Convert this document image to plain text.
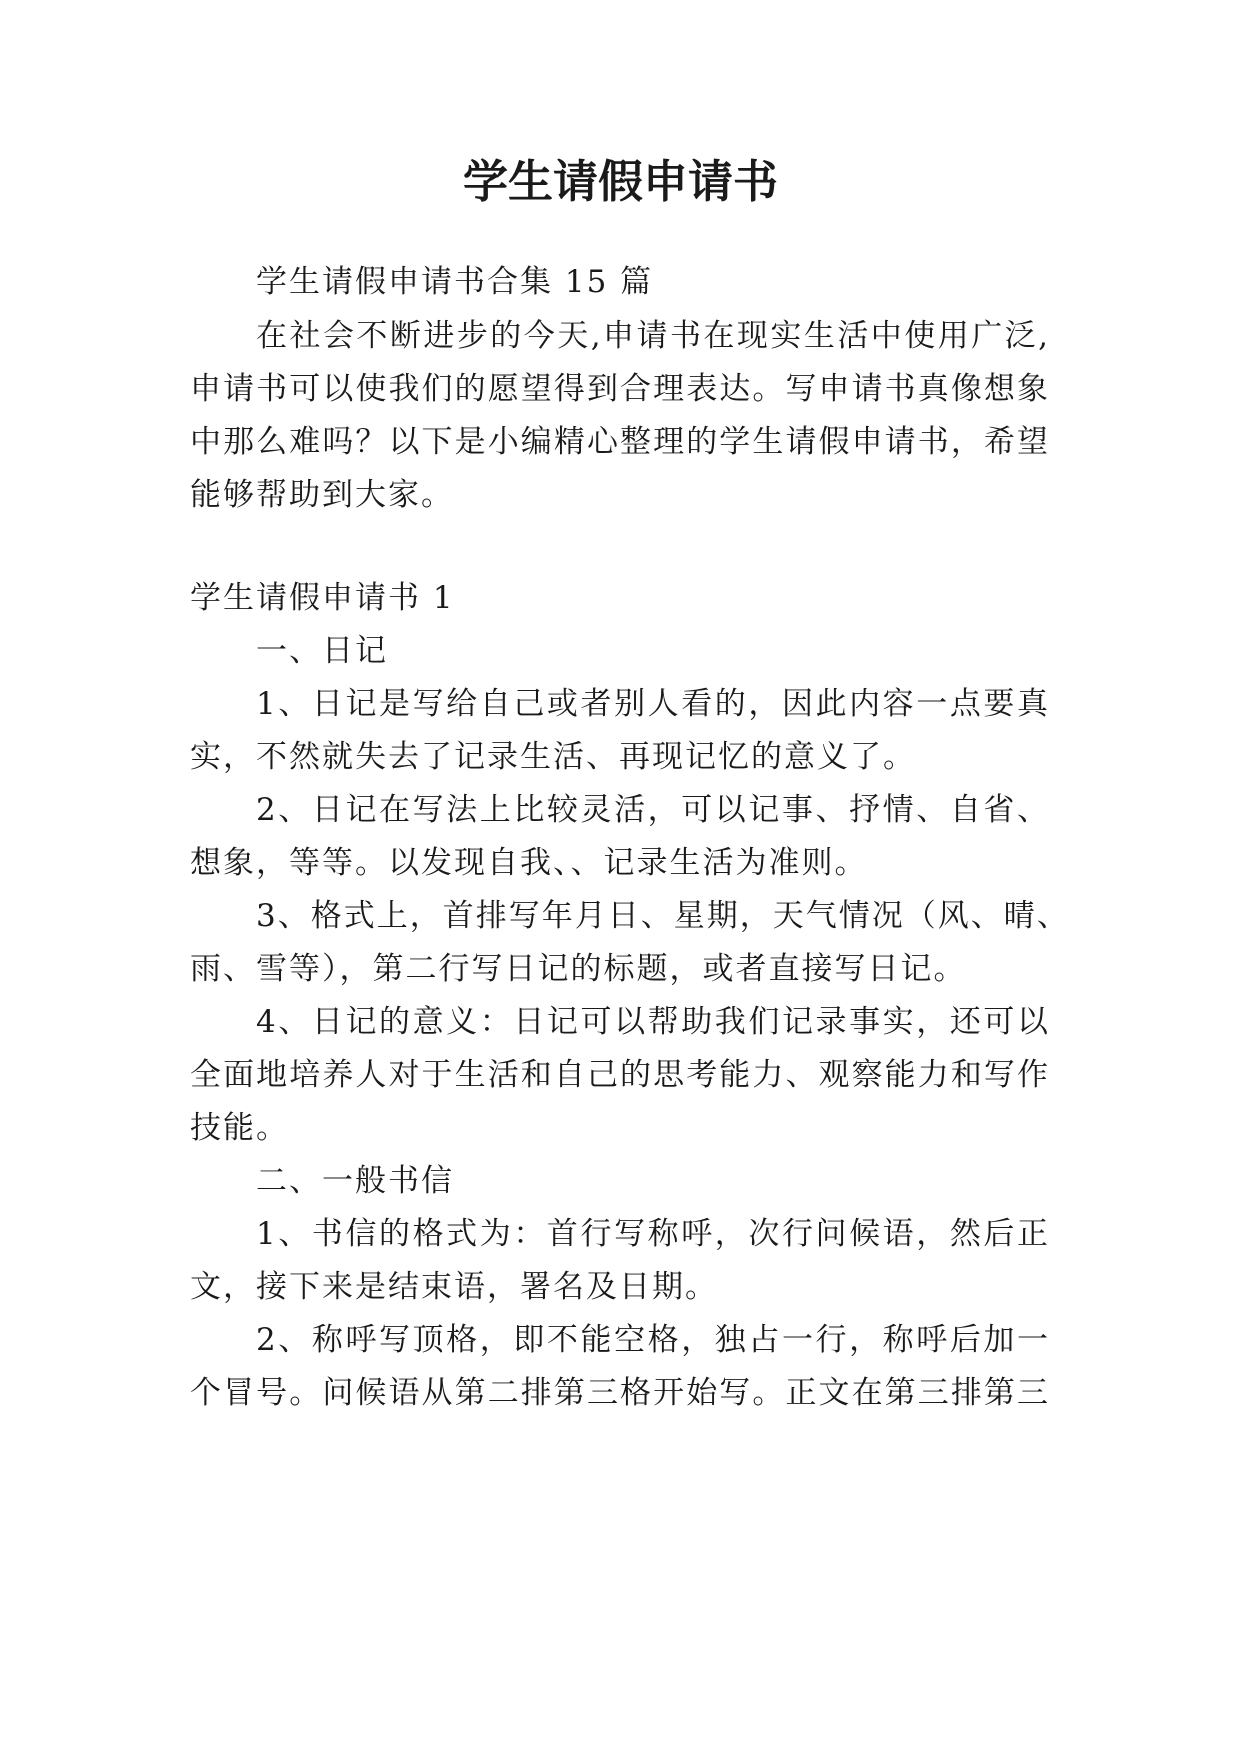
学生请假申请书
学生请假申请书合集 15 篇
在社会不断进步的今天,申请书在现实生活中使用广泛,
申请书可以使我们的愿望得到合理表达。写申请书真像想象
中那么难吗？以下是小编精心整理的学生请假申请书，希望
能够帮助到大家。
学生请假申请书 1
一、日记
1、日记是写给自己或者别人看的，因此内容一点要真
实，不然就失去了记录生活、再现记忆的意义了。
2、日记在写法上比较灵活，可以记事、抒情、自省、
想象，等等。以发现自我、、记录生活为准则。
3、格式上，首排写年月日、星期，天气情况（风、晴、
雨、雪等），第二行写日记的标题，或者直接写日记。
4、日记的意义：日记可以帮助我们记录事实，还可以
全面地培养人对于生活和自己的思考能力、观察能力和写作
技能。
二、一般书信
1、书信的格式为：首行写称呼，次行问候语，然后正
文，接下来是结束语，署名及日期。
2、称呼写顶格，即不能空格，独占一行，称呼后加一
个冒号。问候语从第二排第三格开始写。正文在第三排第三
